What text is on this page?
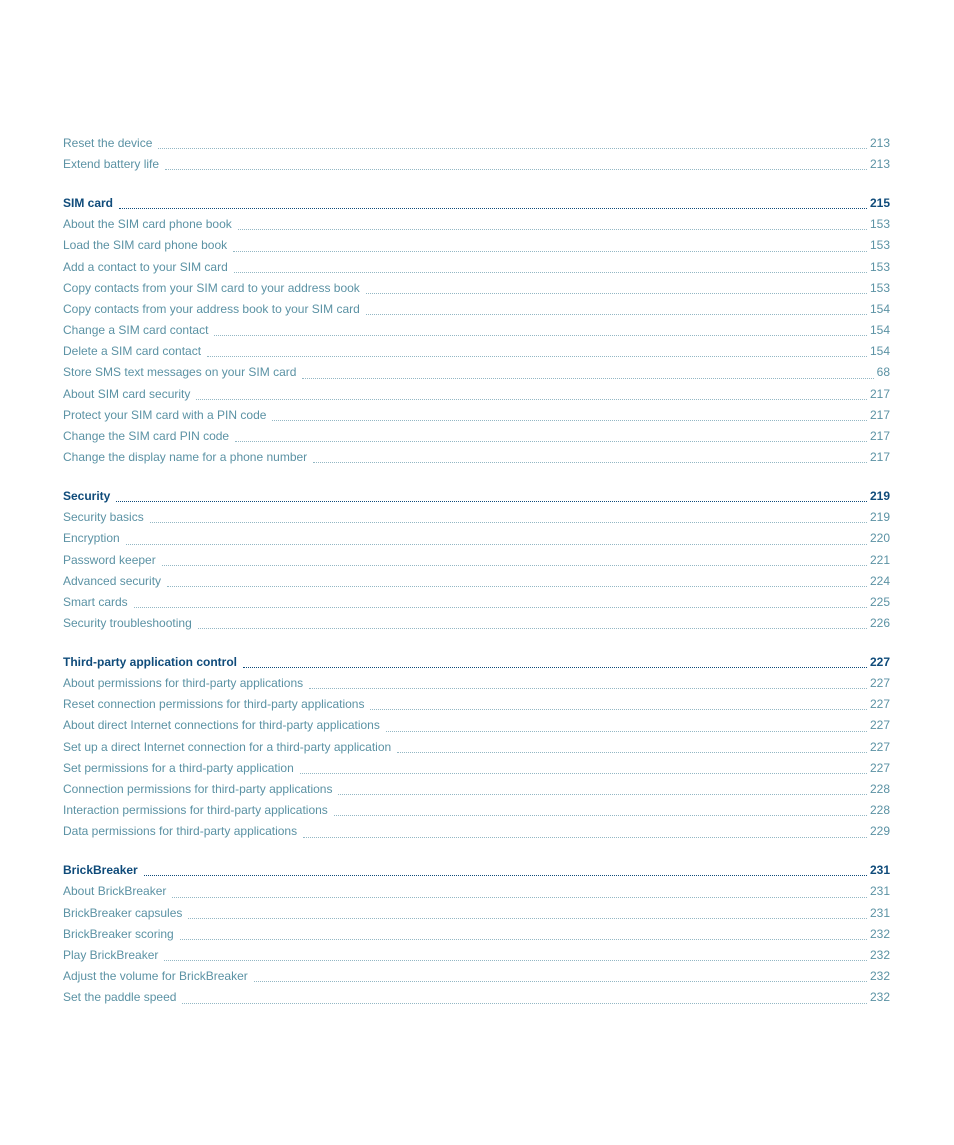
Reset the device	213
Extend battery life	213
SIM card	215
About the SIM card phone book	153
Load the SIM card phone book	153
Add a contact to your SIM card	153
Copy contacts from your SIM card to your address book	153
Copy contacts from your address book to your SIM card	154
Change a SIM card contact	154
Delete a SIM card contact	154
Store SMS text messages on your SIM card	68
About SIM card security	217
Protect your SIM card with a PIN code	217
Change the SIM card PIN code	217
Change the display name for a phone number	217
Security	219
Security basics	219
Encryption	220
Password keeper	221
Advanced security	224
Smart cards	225
Security troubleshooting	226
Third-party application control	227
About permissions for third-party applications	227
Reset connection permissions for third-party applications	227
About direct Internet connections for third-party applications	227
Set up a direct Internet connection for a third-party application	227
Set permissions for a third-party application	227
Connection permissions for third-party applications	228
Interaction permissions for third-party applications	228
Data permissions for third-party applications	229
BrickBreaker	231
About BrickBreaker	231
BrickBreaker capsules	231
BrickBreaker scoring	232
Play BrickBreaker	232
Adjust the volume for BrickBreaker	232
Set the paddle speed	232
